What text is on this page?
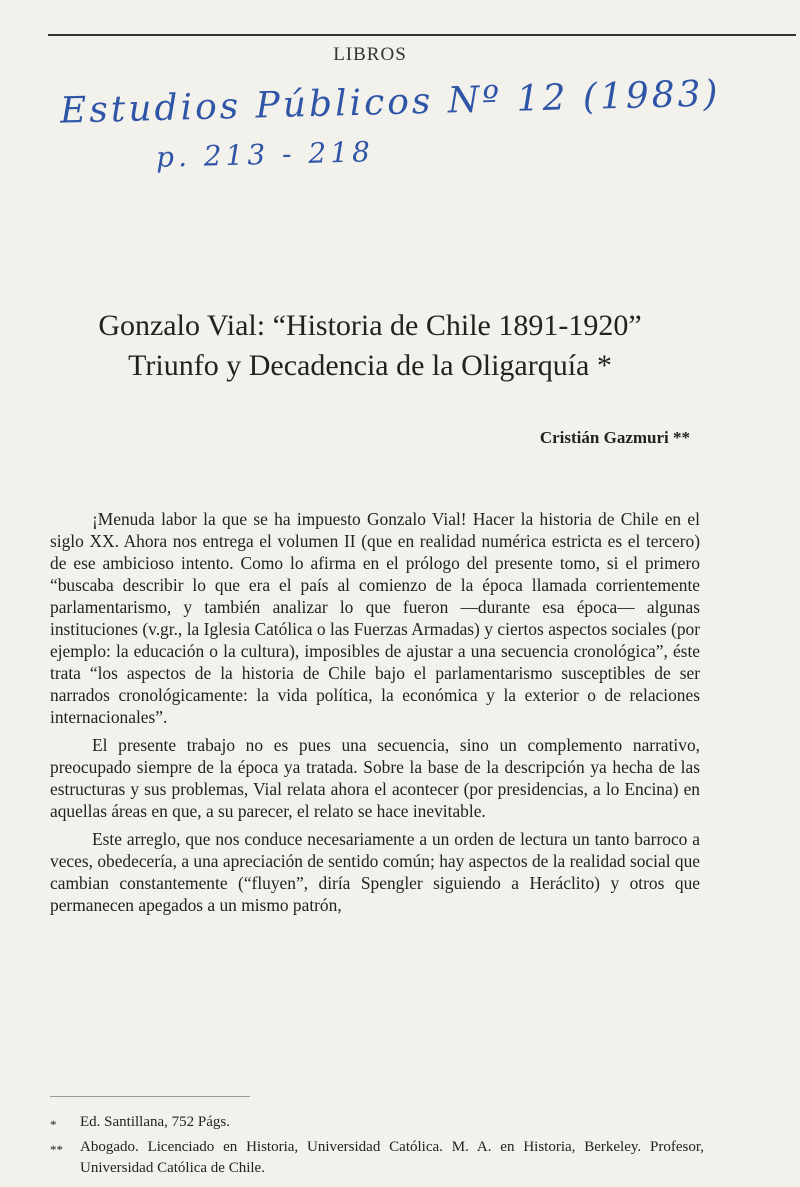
LIBROS
Estudios Públicos Nº 12 (1983)
p. 213 - 218
Gonzalo Vial: “Historia de Chile 1891-1920”
Triunfo y Decadencia de la Oligarquía *
Cristián Gazmuri **

¡Menuda labor la que se ha impuesto Gonzalo Vial! Hacer la historia de Chile en el siglo XX. Ahora nos entrega el volumen II (que en realidad numérica estricta es el tercero) de ese ambicioso intento. Como lo afirma en el prólogo del presente tomo, si el primero “buscaba describir lo que era el país al comienzo de la época llamada corrientemente parlamentarismo, y también analizar lo que fueron —durante esa época— algunas instituciones (v.gr., la Iglesia Católica o las Fuerzas Armadas) y ciertos aspectos sociales (por ejemplo: la educación o la cultura), imposibles de ajustar a una secuencia cronológica”, éste trata “los aspectos de la historia de Chile bajo el parlamentarismo susceptibles de ser narrados cronológicamente: la vida política, la económica y la exterior o de relaciones internacionales”.

El presente trabajo no es pues una secuencia, sino un complemento narrativo, preocupado siempre de la época ya tratada. Sobre la base de la descripción ya hecha de las estructuras y sus problemas, Vial relata ahora el acontecer (por presidencias, a lo Encina) en aquellas áreas en que, a su parecer, el relato se hace inevitable.

Este arreglo, que nos conduce necesariamente a un orden de lectura un tanto barroco a veces, obedecería, a una apreciación de sentido común; hay aspectos de la realidad social que cambian constantemente (“fluyen”, diría Spengler siguiendo a Heráclito) y otros que permanecen apegados a un mismo patrón,

*	Ed. Santillana, 752 Págs.
**	Abogado. Licenciado en Historia, Universidad Católica. M. A. en Historia, Berkeley. Profesor, Universidad Católica de Chile.
